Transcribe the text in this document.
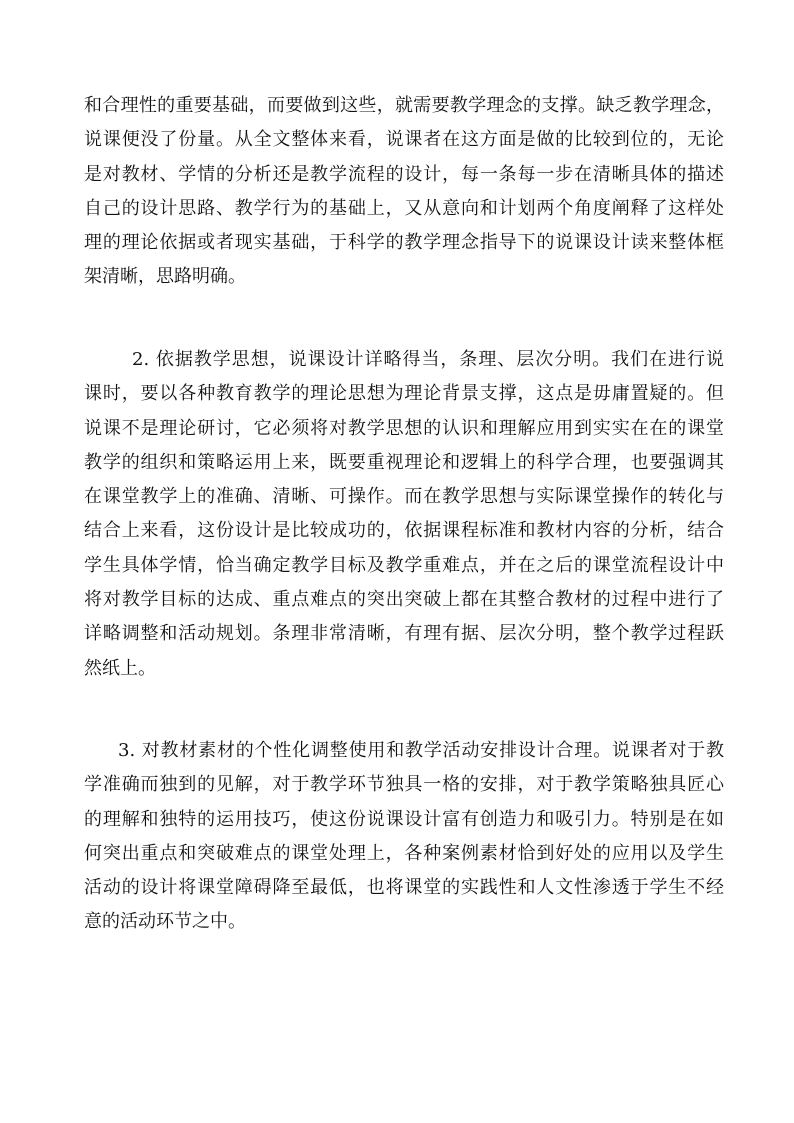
和合理性的重要基础，而要做到这些，就需要教学理念的支撑。缺乏教学理念，
说课便没了份量。从全文整体来看，说课者在这方面是做的比较到位的，无论
是对教材、学情的分析还是教学流程的设计，每一条每一步在清晰具体的描述
自己的设计思路、教学行为的基础上，又从意向和计划两个角度阐释了这样处
理的理论依据或者现实基础，于科学的教学理念指导下的说课设计读来整体框
架清晰，思路明确。
2. 依据教学思想，说课设计详略得当，条理、层次分明。我们在进行说
课时，要以各种教育教学的理论思想为理论背景支撑，这点是毋庸置疑的。但
说课不是理论研讨，它必须将对教学思想的认识和理解应用到实实在在的课堂
教学的组织和策略运用上来，既要重视理论和逻辑上的科学合理，也要强调其
在课堂教学上的准确、清晰、可操作。而在教学思想与实际课堂操作的转化与
结合上来看，这份设计是比较成功的，依据课程标准和教材内容的分析，结合
学生具体学情，恰当确定教学目标及教学重难点，并在之后的课堂流程设计中
将对教学目标的达成、重点难点的突出突破上都在其整合教材的过程中进行了
详略调整和活动规划。条理非常清晰，有理有据、层次分明，整个教学过程跃
然纸上。
3. 对教材素材的个性化调整使用和教学活动安排设计合理。说课者对于教
学准确而独到的见解，对于教学环节独具一格的安排，对于教学策略独具匠心
的理解和独特的运用技巧，使这份说课设计富有创造力和吸引力。特别是在如
何突出重点和突破难点的课堂处理上，各种案例素材恰到好处的应用以及学生
活动的设计将课堂障碍降至最低，也将课堂的实践性和人文性渗透于学生不经
意的活动环节之中。
